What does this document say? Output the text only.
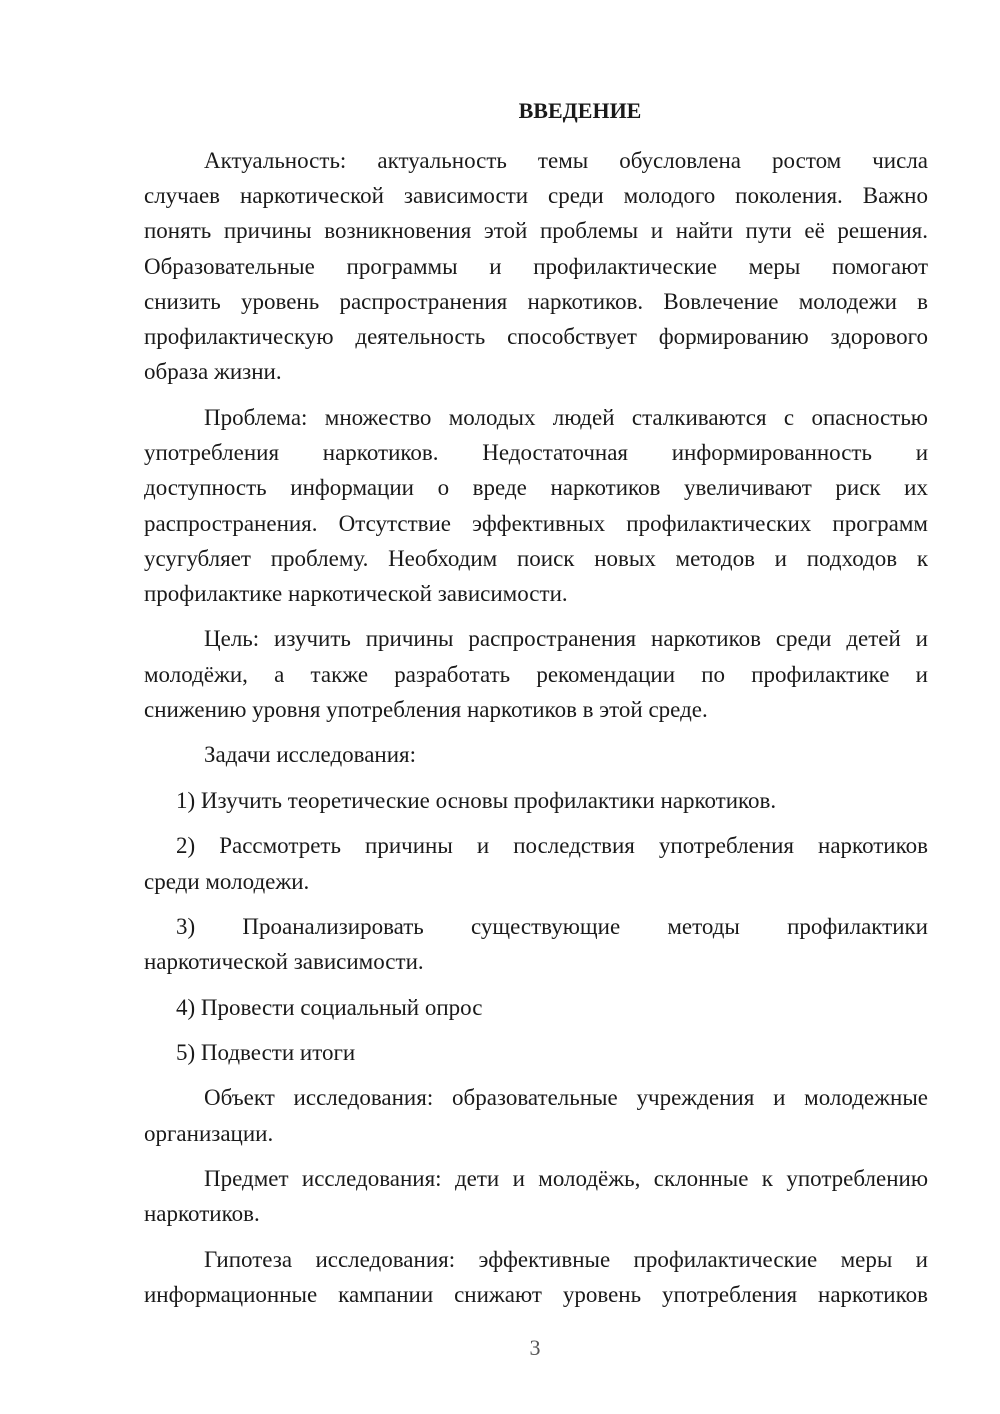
ВВЕДЕНИЕ
Актуальность: актуальность темы обусловлена ростом числа
случаев наркотической зависимости среди молодого поколения. Важно
понять причины возникновения этой проблемы и найти пути её решения.
Образовательные программы и профилактические меры помогают
снизить уровень распространения наркотиков. Вовлечение молодежи в
профилактическую деятельность способствует формированию здорового
образа жизни.
Проблема: множество молодых людей сталкиваются с опасностью
употребления наркотиков. Недостаточная информированность и
доступность информации о вреде наркотиков увеличивают риск их
распространения. Отсутствие эффективных профилактических программ
усугубляет проблему. Необходим поиск новых методов и подходов к
профилактике наркотической зависимости.
Цель: изучить причины распространения наркотиков среди детей и
молодёжи, а также разработать рекомендации по профилактике и
снижению уровня употребления наркотиков в этой среде.
Задачи исследования:
1) Изучить теоретические основы профилактики наркотиков.
2) Рассмотреть причины и последствия употребления наркотиков
среди молодежи.
3) Проанализировать существующие методы профилактики
наркотической зависимости.
4) Провести социальный опрос
5) Подвести итоги
Объект исследования: образовательные учреждения и молодежные
организации.
Предмет исследования: дети и молодёжь, склонные к употреблению
наркотиков.
Гипотеза исследования: эффективные профилактические меры и
информационные кампании снижают уровень употребления наркотиков
3
